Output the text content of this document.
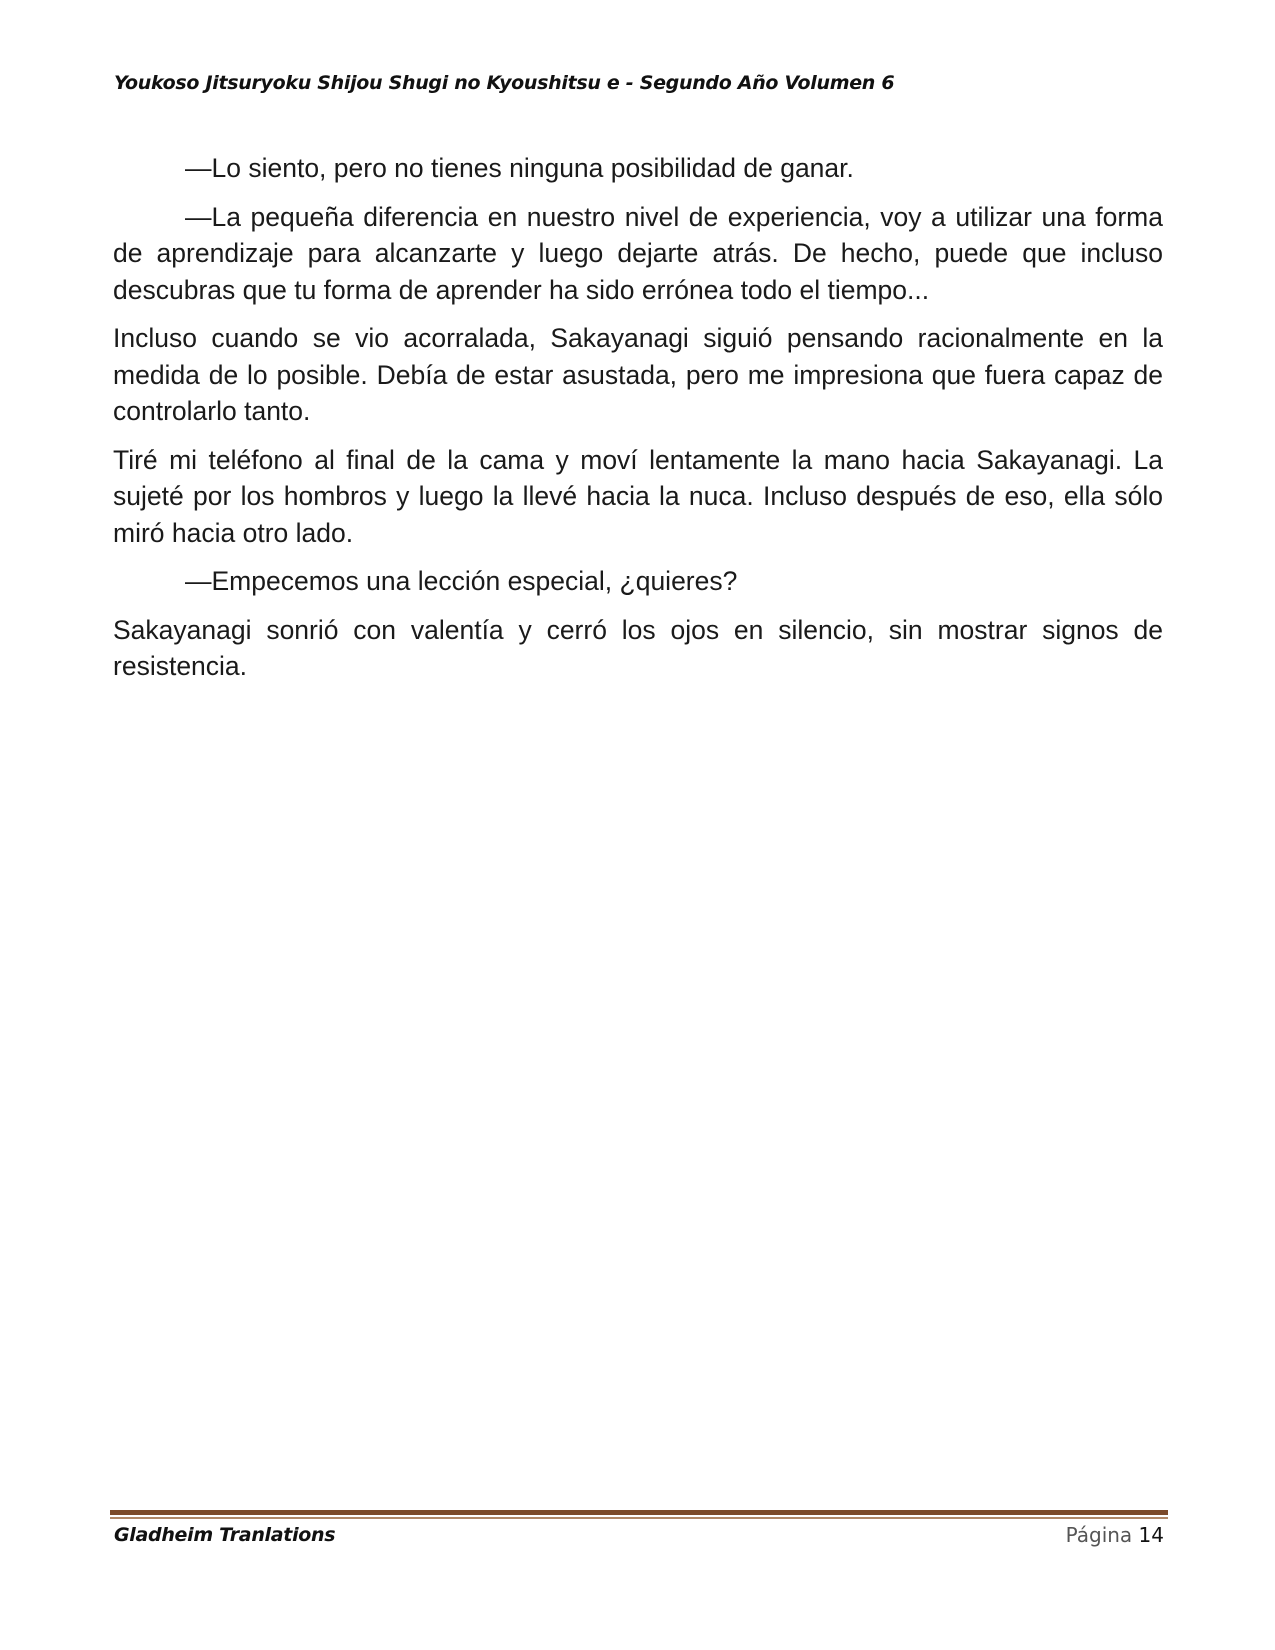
Youkoso Jitsuryoku Shijou Shugi no Kyoushitsu e - Segundo Año Volumen 6

—Lo siento, pero no tienes ninguna posibilidad de ganar.

—La pequeña diferencia en nuestro nivel de experiencia, voy a utilizar una forma de aprendizaje para alcanzarte y luego dejarte atrás. De hecho, puede que incluso descubras que tu forma de aprender ha sido errónea todo el tiempo...

Incluso cuando se vio acorralada, Sakayanagi siguió pensando racionalmente en la medida de lo posible. Debía de estar asustada, pero me impresiona que fuera capaz de controlarlo tanto.

Tiré mi teléfono al final de la cama y moví lentamente la mano hacia Sakayanagi. La sujeté por los hombros y luego la llevé hacia la nuca. Incluso después de eso, ella sólo miró hacia otro lado.

—Empecemos una lección especial, ¿quieres?

Sakayanagi sonrió con valentía y cerró los ojos en silencio, sin mostrar signos de resistencia.

Gladheim Tranlations	Página 14
